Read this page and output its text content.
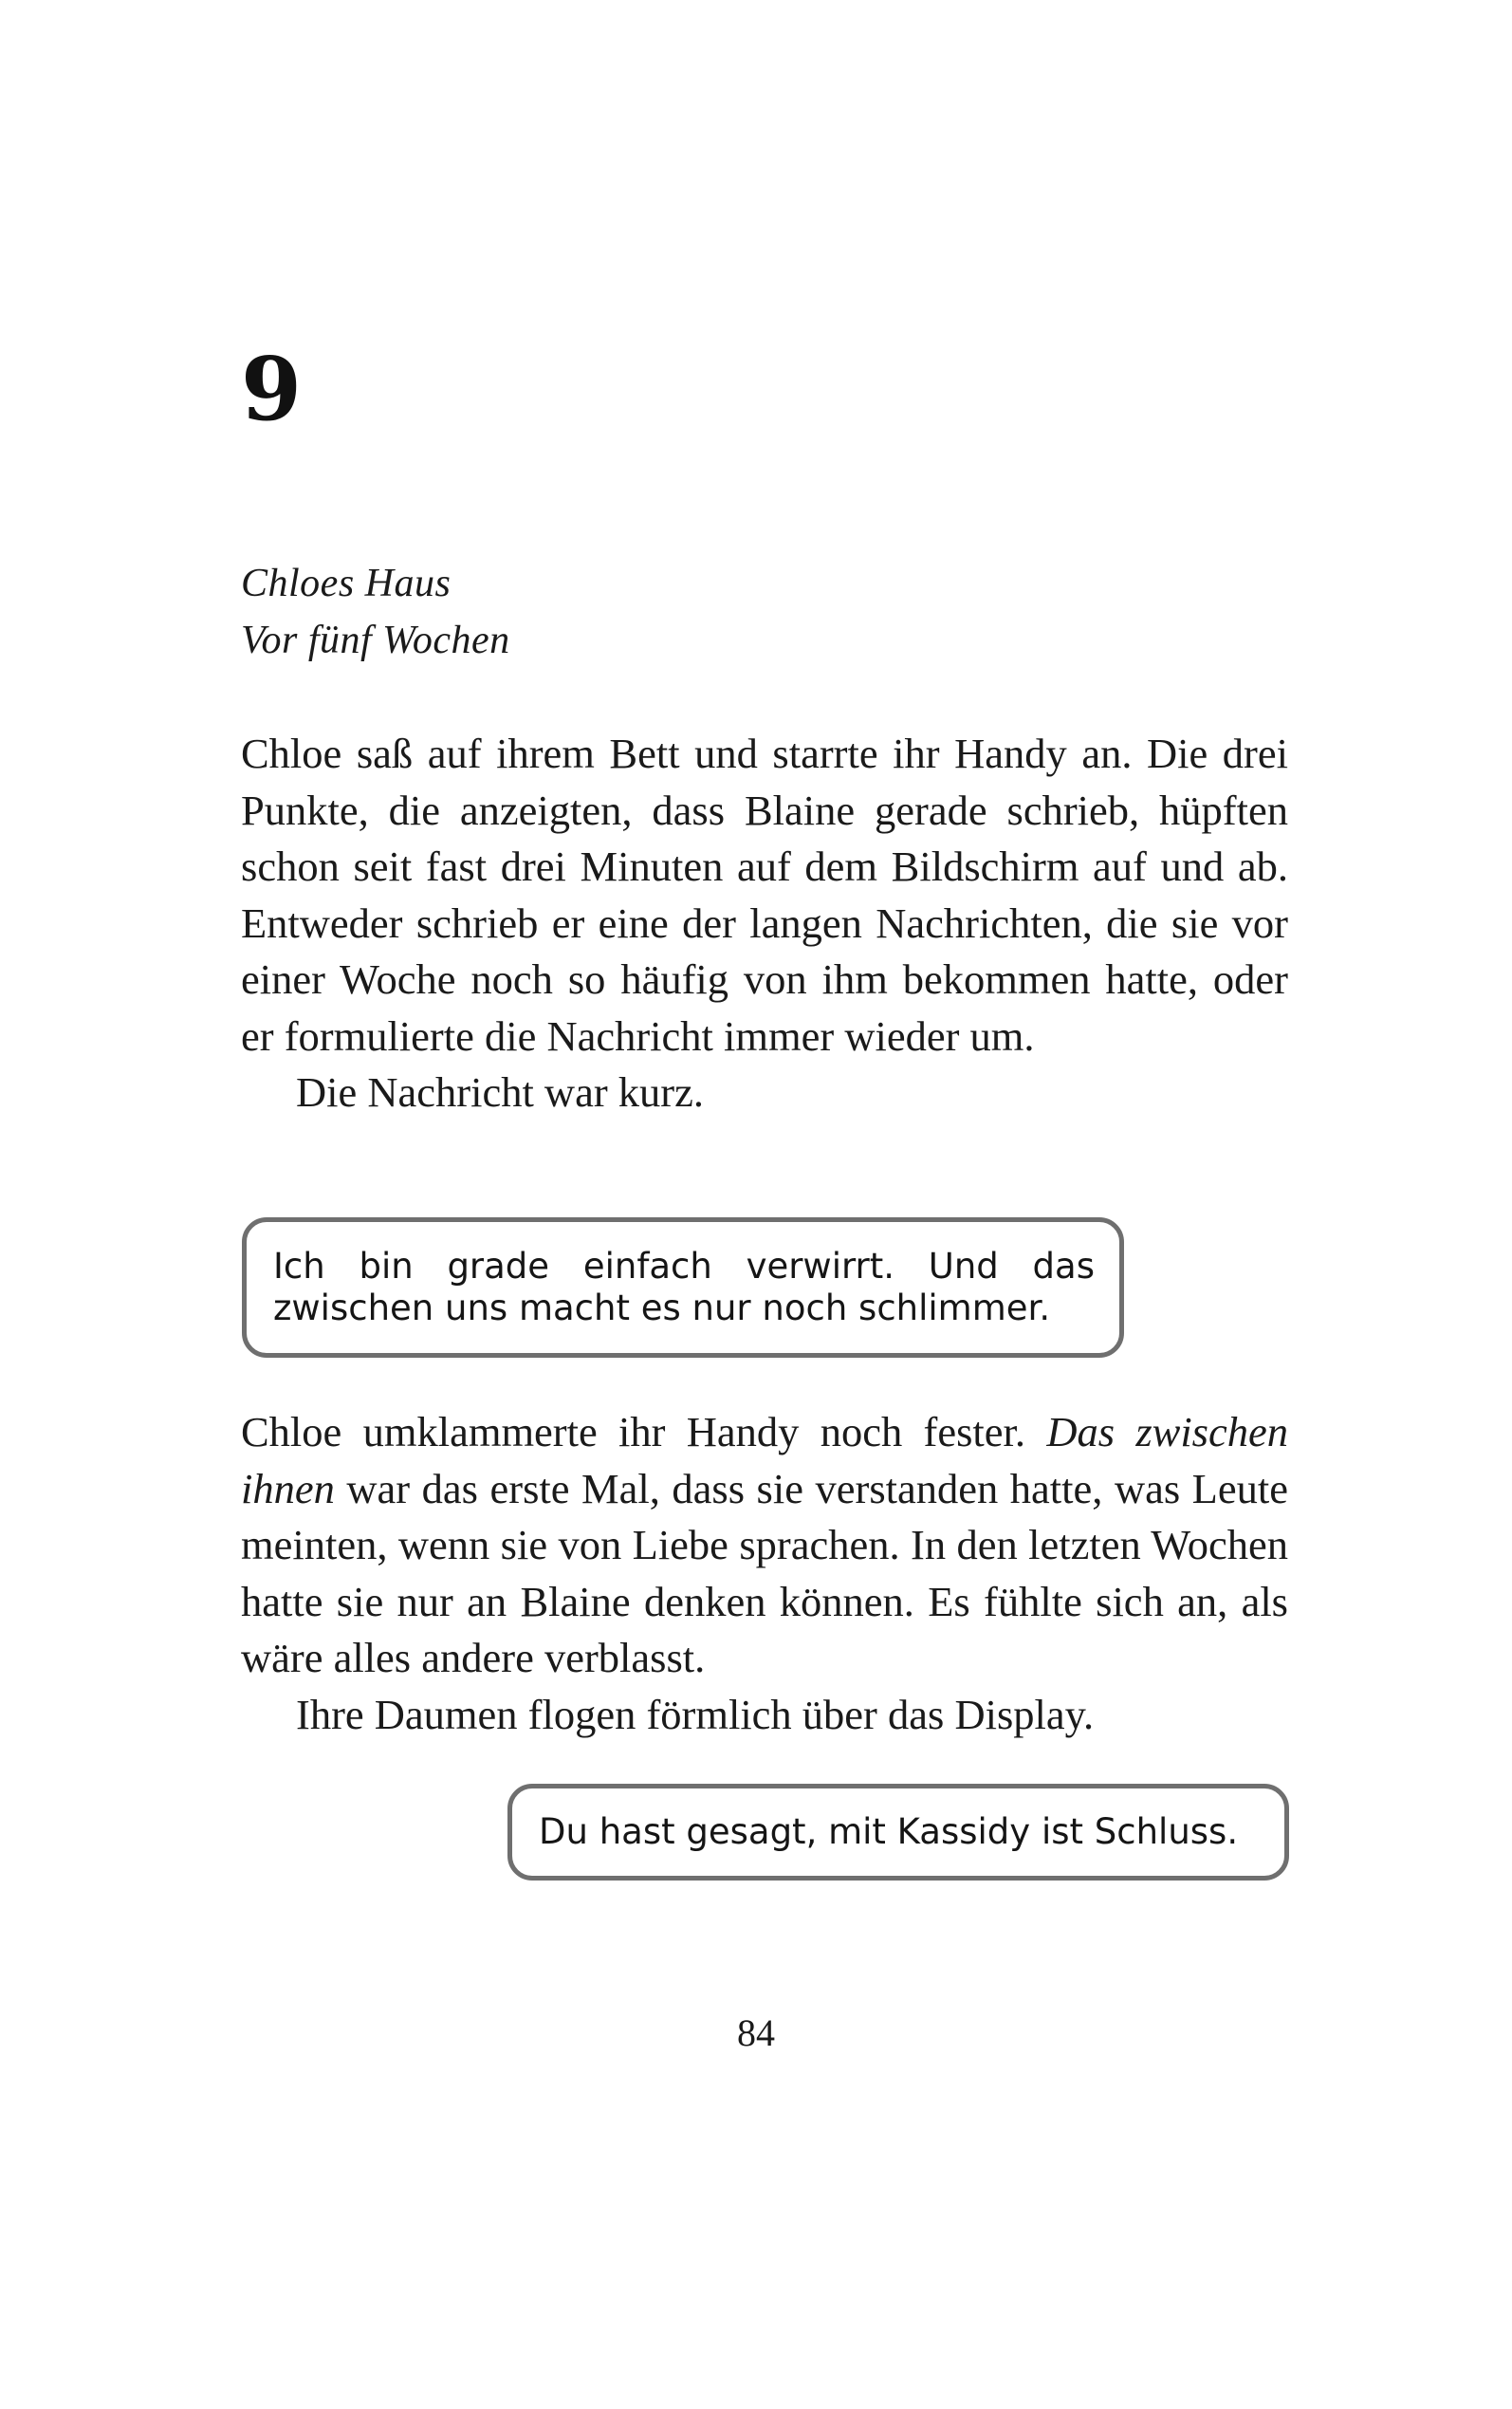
9
Chloes Haus
Vor fünf Wochen

Chloe saß auf ihrem Bett und starrte ihr Handy an. Die drei Punkte, die anzeigten, dass Blaine gerade schrieb, hüpften schon seit fast drei Minuten auf dem Bildschirm auf und ab. Entweder schrieb er eine der langen Nachrichten, die sie vor einer Woche noch so häufig von ihm bekommen hatte, oder er formulierte die Nachricht immer wieder um.

Die Nachricht war kurz.

Ich bin grade einfach verwirrt. Und das zwischen uns macht es nur noch schlimmer.

Chloe umklammerte ihr Handy noch fester. Das zwischen ihnen war das erste Mal, dass sie verstanden hatte, was Leute meinten, wenn sie von Liebe sprachen. In den letzten Wochen hatte sie nur an Blaine denken können. Es fühlte sich an, als wäre alles andere verblasst.

Ihre Daumen flogen förmlich über das Display.

Du hast gesagt, mit Kassidy ist Schluss.
84
